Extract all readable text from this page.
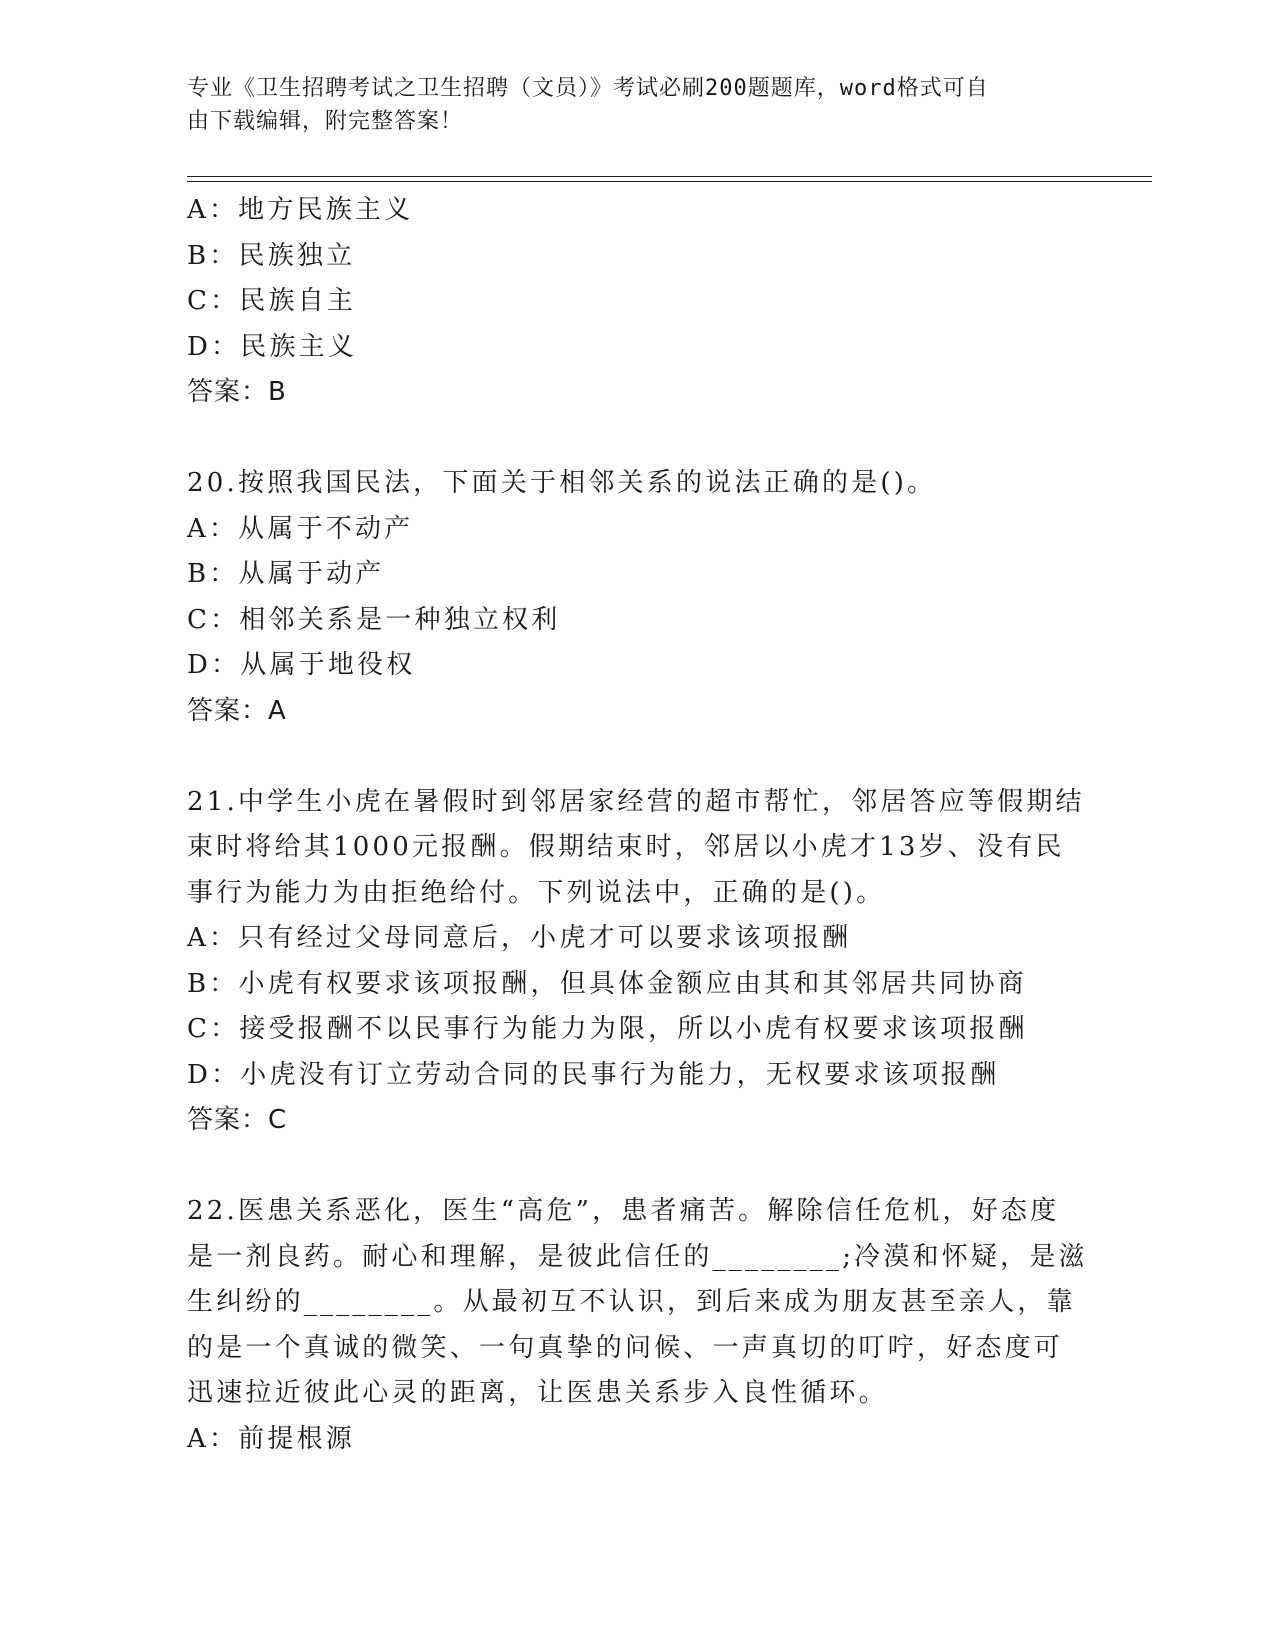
专业《卫生招聘考试之卫生招聘（文员）》考试必刷200题题库，word格式可自
由下载编辑，附完整答案！
A：地方民族主义
B：民族独立
C：民族自主
D：民族主义
答案：B
20.按照我国民法，下面关于相邻关系的说法正确的是()。
A：从属于不动产
B：从属于动产
C：相邻关系是一种独立权利
D：从属于地役权
答案：A
21.中学生小虎在暑假时到邻居家经营的超市帮忙，邻居答应等假期结
束时将给其1000元报酬。假期结束时，邻居以小虎才13岁、没有民
事行为能力为由拒绝给付。下列说法中，正确的是()。
A：只有经过父母同意后，小虎才可以要求该项报酬
B：小虎有权要求该项报酬，但具体金额应由其和其邻居共同协商
C：接受报酬不以民事行为能力为限，所以小虎有权要求该项报酬
D：小虎没有订立劳动合同的民事行为能力，无权要求该项报酬
答案：C
22.医患关系恶化，医生“高危”，患者痛苦。解除信任危机，好态度
是一剂良药。耐心和理解，是彼此信任的________;冷漠和怀疑，是滋
生纠纷的________。从最初互不认识，到后来成为朋友甚至亲人，靠
的是一个真诚的微笑、一句真挚的问候、一声真切的叮咛，好态度可
迅速拉近彼此心灵的距离，让医患关系步入良性循环。
A：前提根源
